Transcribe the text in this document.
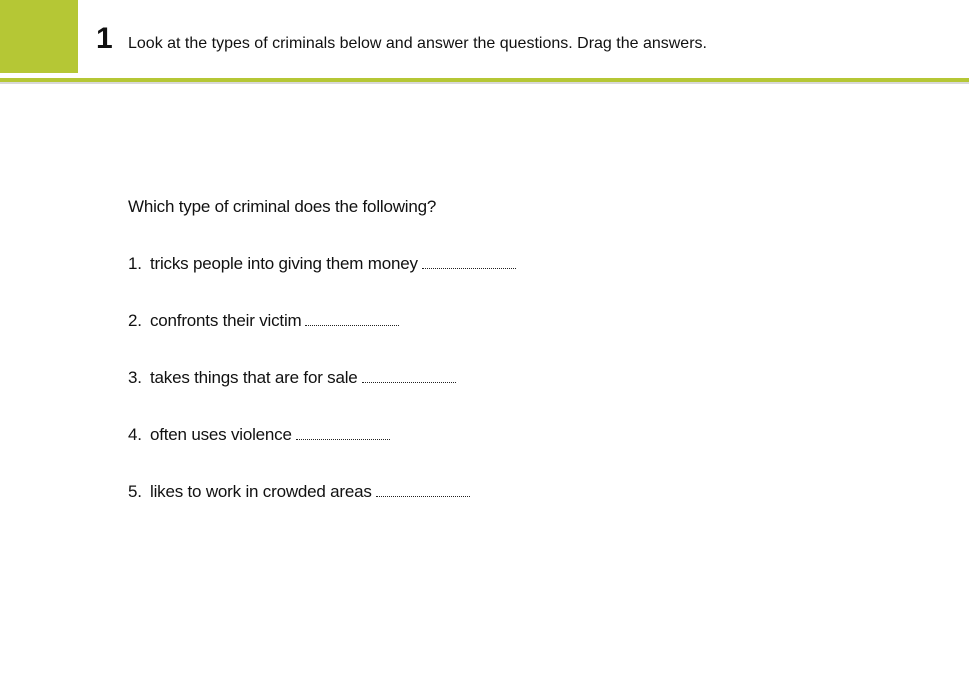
1 Look at the types of criminals below and answer the questions. Drag the answers.
Which type of criminal does the following?
1. tricks people into giving them money
2. confronts their victim
3. takes things that are for sale
4. often uses violence
5. likes to work in crowded areas
